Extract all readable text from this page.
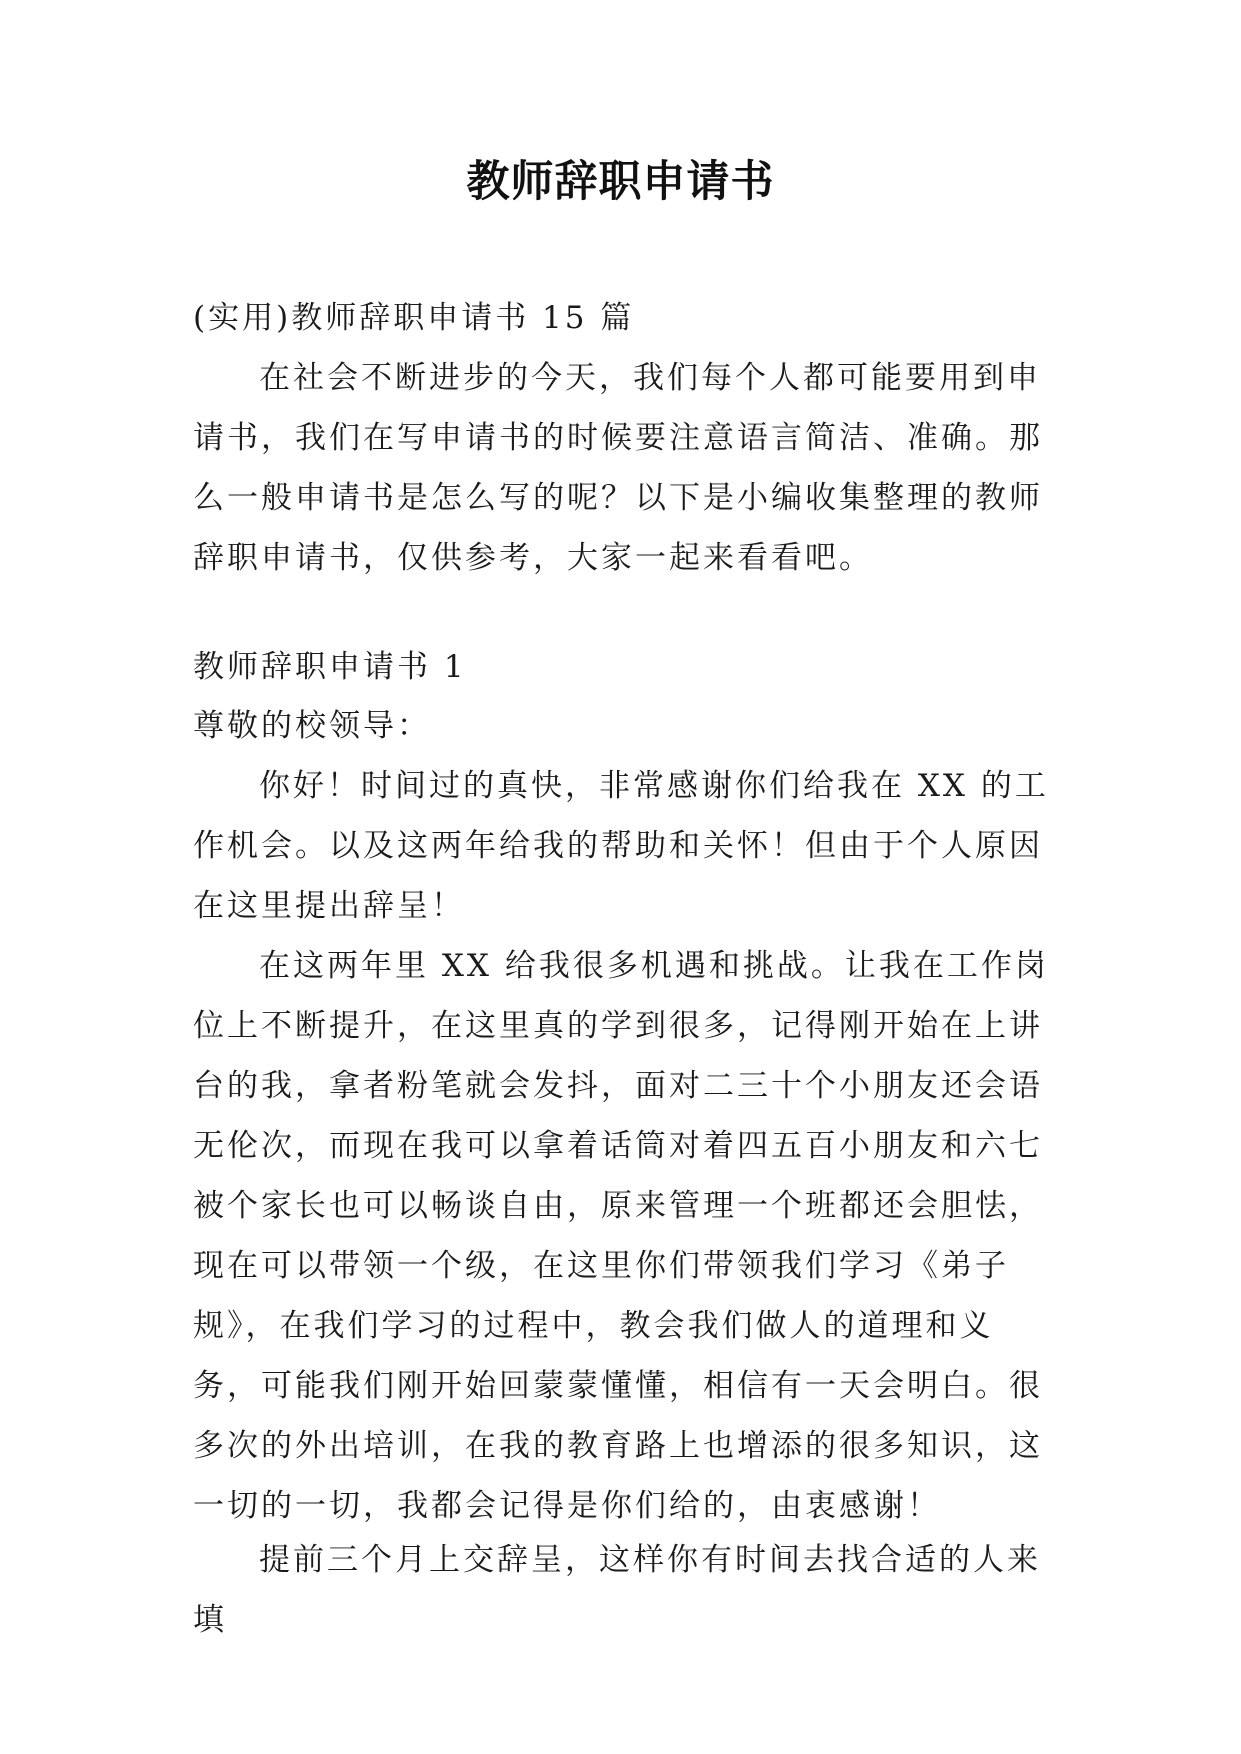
教师辞职申请书

(实用)教师辞职申请书 15 篇

在社会不断进步的今天，我们每个人都可能要用到申请书，我们在写申请书的时候要注意语言简洁、准确。那么一般申请书是怎么写的呢？以下是小编收集整理的教师辞职申请书，仅供参考，大家一起来看看吧。

教师辞职申请书 1

尊敬的校领导：

你好！时间过的真快，非常感谢你们给我在 XX 的工作机会。以及这两年给我的帮助和关怀！但由于个人原因在这里提出辞呈！

在这两年里 XX 给我很多机遇和挑战。让我在工作岗位上不断提升，在这里真的学到很多，记得刚开始在上讲台的我，拿者粉笔就会发抖，面对二三十个小朋友还会语无伦次，而现在我可以拿着话筒对着四五百小朋友和六七被个家长也可以畅谈自由，原来管理一个班都还会胆怯，现在可以带领一个级，在这里你们带领我们学习《弟子规》，在我们学习的过程中，教会我们做人的道理和义务，可能我们刚开始回蒙蒙懂懂，相信有一天会明白。很多次的外出培训，在我的教育路上也增添的很多知识，这一切的一切，我都会记得是你们给的，由衷感谢！

提前三个月上交辞呈，这样你有时间去找合适的人来填
